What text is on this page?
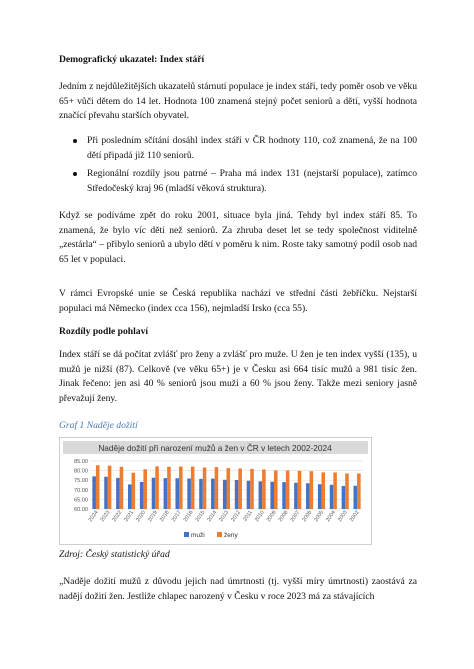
Demografický ukazatel: Index stáří
Jedním z nejdůležitějších ukazatelů stárnutí populace je index stáří, tedy poměr osob ve věku 65+ vůči dětem do 14 let. Hodnota 100 znamená stejný počet seniorů a dětí, vyšší hodnota značící převahu starších obyvatel.
Při posledním sčítání dosáhl index stáří v ČR hodnoty 110, což znamená, že na 100 dětí připadá již 110 seniorů.
Regionální rozdíly jsou patrné – Praha má index 131 (nejstarší populace), zatímco Středočeský kraj 96 (mladší věková struktura).
Když se podíváme zpět do roku 2001, situace byla jiná. Tehdy byl index stáří 85. To znamená, že bylo víc dětí než seniorů. Za zhruba deset let se tedy společnost viditelně „zestárla“ – přibylo seniorů a ubylo dětí v poměru k nim. Roste taky samotný podíl osob nad 65 let v populaci.
V rámci Evropské unie se Česká republika nachází ve střední části žebříčku. Nejstarší populaci má Německo (index cca 156), nejmladší Irsko (cca 55).
Rozdíly podle pohlaví
Index stáří se dá počítat zvlášť pro ženy a zvlášť pro muže. U žen je ten index vyšší (135), u mužů je nižší (87). Celkově (ve věku 65+) je v Česku asi 664 tisíc mužů a 981 tisíc žen. Jinak řečeno: jen asi 40 % seniorů jsou muži a 60 % jsou ženy. Takže mezi seniory jasně převažují ženy.
Graf 1 Naděje dožití
Naděje dožití při narození mužů a žen v ČR v letech 2002-2024
60.00
65.00
70.00
75.00
80.00
85.00
2024 2023 2022 2021 2020 2019 2018 2017 2016 2015 2014 2013 2012 2011 2010 2009 2008 2007 2006 2005 2004 2003 2002
muži	ženy
Zdroj: Český statistický úřad
„Naděje dožití mužů z důvodu jejich nad úmrtnosti (tj. vyšší míry úmrtnosti) zaostává za nadějí dožití žen. Jestliže chlapec narozený v Česku v roce 2023 má za stávajících
